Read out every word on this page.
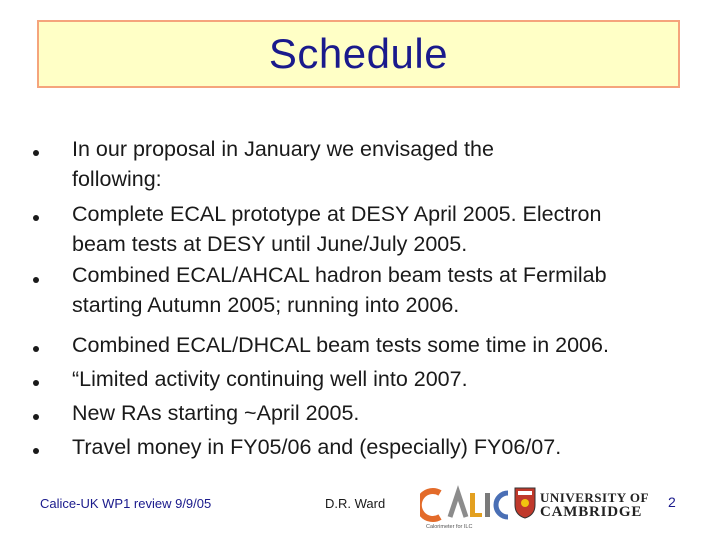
Schedule
In our proposal in January we envisaged the
following:
Complete ECAL prototype at DESY April 2005. Electron
beam tests at DESY until June/July 2005.
Combined ECAL/AHCAL hadron beam tests at Fermilab
starting Autumn 2005; running into 2006.
Combined ECAL/DHCAL beam tests some time in 2006.
“Limited activity continuing well into 2007.
New RAs starting ~April 2005.
Travel money in FY05/06 and (especially) FY06/07.
Calice-UK WP1 review 9/9/05	D.R. Ward
Calorimeter for ILC
UNIVERSITY OF
CAMBRIDGE
2
